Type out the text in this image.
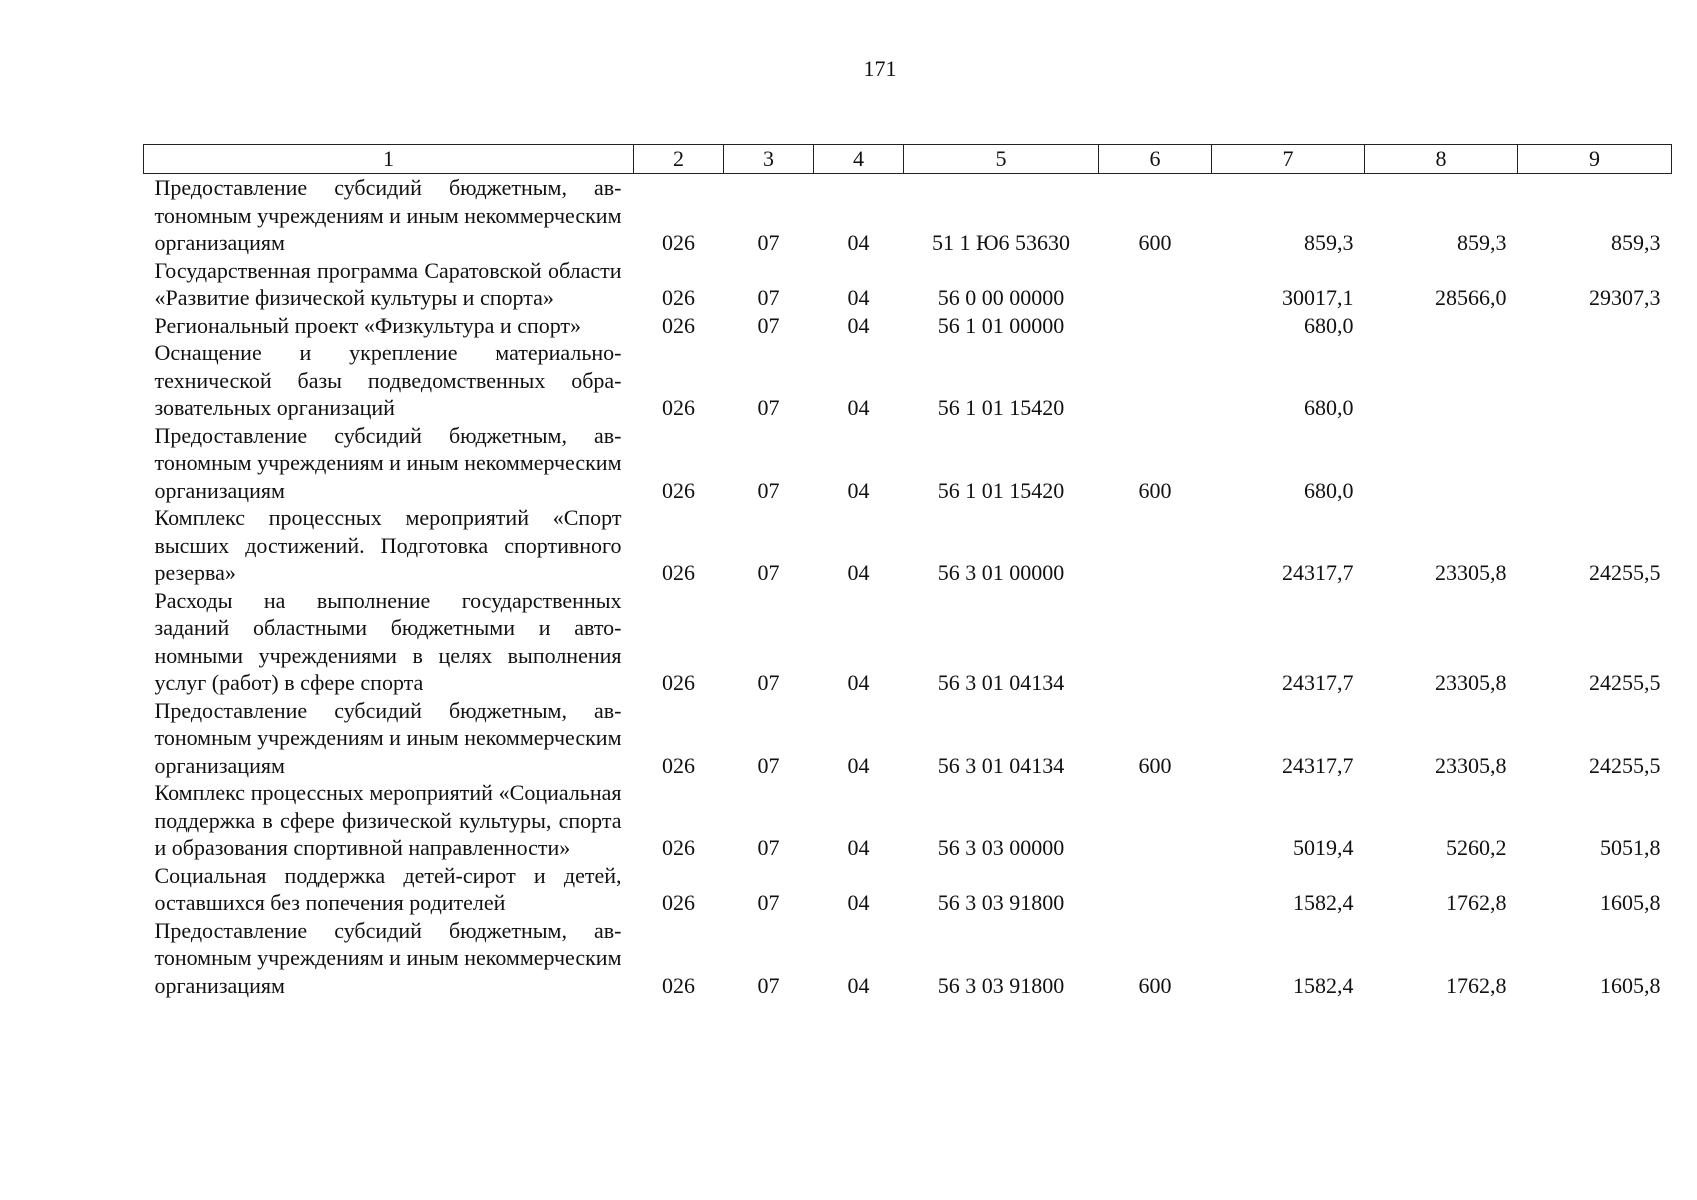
171
1	2	3	4	5	6	7	8	9
Предоставление субсидий бюджетным, автономным учреждениям и иным некоммерческим организациям	026	07	04	51 1 Ю6 53630	600	859,3	859,3	859,3
Государственная программа Саратовской области «Развитие физической культуры и спорта»	026	07	04	56 0 00 00000		30017,1	28566,0	29307,3
Региональный проект «Физкультура и спорт»	026	07	04	56 1 01 00000		680,0		
Оснащение и укрепление материально-технической базы подведомственных образовательных организаций	026	07	04	56 1 01 15420		680,0		
Предоставление субсидий бюджетным, автономным учреждениям и иным некоммерческим организациям	026	07	04	56 1 01 15420	600	680,0		
Комплекс процессных мероприятий «Спорт высших достижений. Подготовка спортивного резерва»	026	07	04	56 3 01 00000		24317,7	23305,8	24255,5
Расходы на выполнение государственных заданий областными бюджетными и автономными учреждениями в целях выполнения услуг (работ) в сфере спорта	026	07	04	56 3 01 04134		24317,7	23305,8	24255,5
Предоставление субсидий бюджетным, автономным учреждениям и иным некоммерческим организациям	026	07	04	56 3 01 04134	600	24317,7	23305,8	24255,5
Комплекс процессных мероприятий «Социальная поддержка в сфере физической культуры, спорта и образования спортивной направленности»	026	07	04	56 3 03 00000		5019,4	5260,2	5051,8
Социальная поддержка детей-сирот и детей, оставшихся без попечения родителей	026	07	04	56 3 03 91800		1582,4	1762,8	1605,8
Предоставление субсидий бюджетным, автономным учреждениям и иным некоммерческим организациям	026	07	04	56 3 03 91800	600	1582,4	1762,8	1605,8
